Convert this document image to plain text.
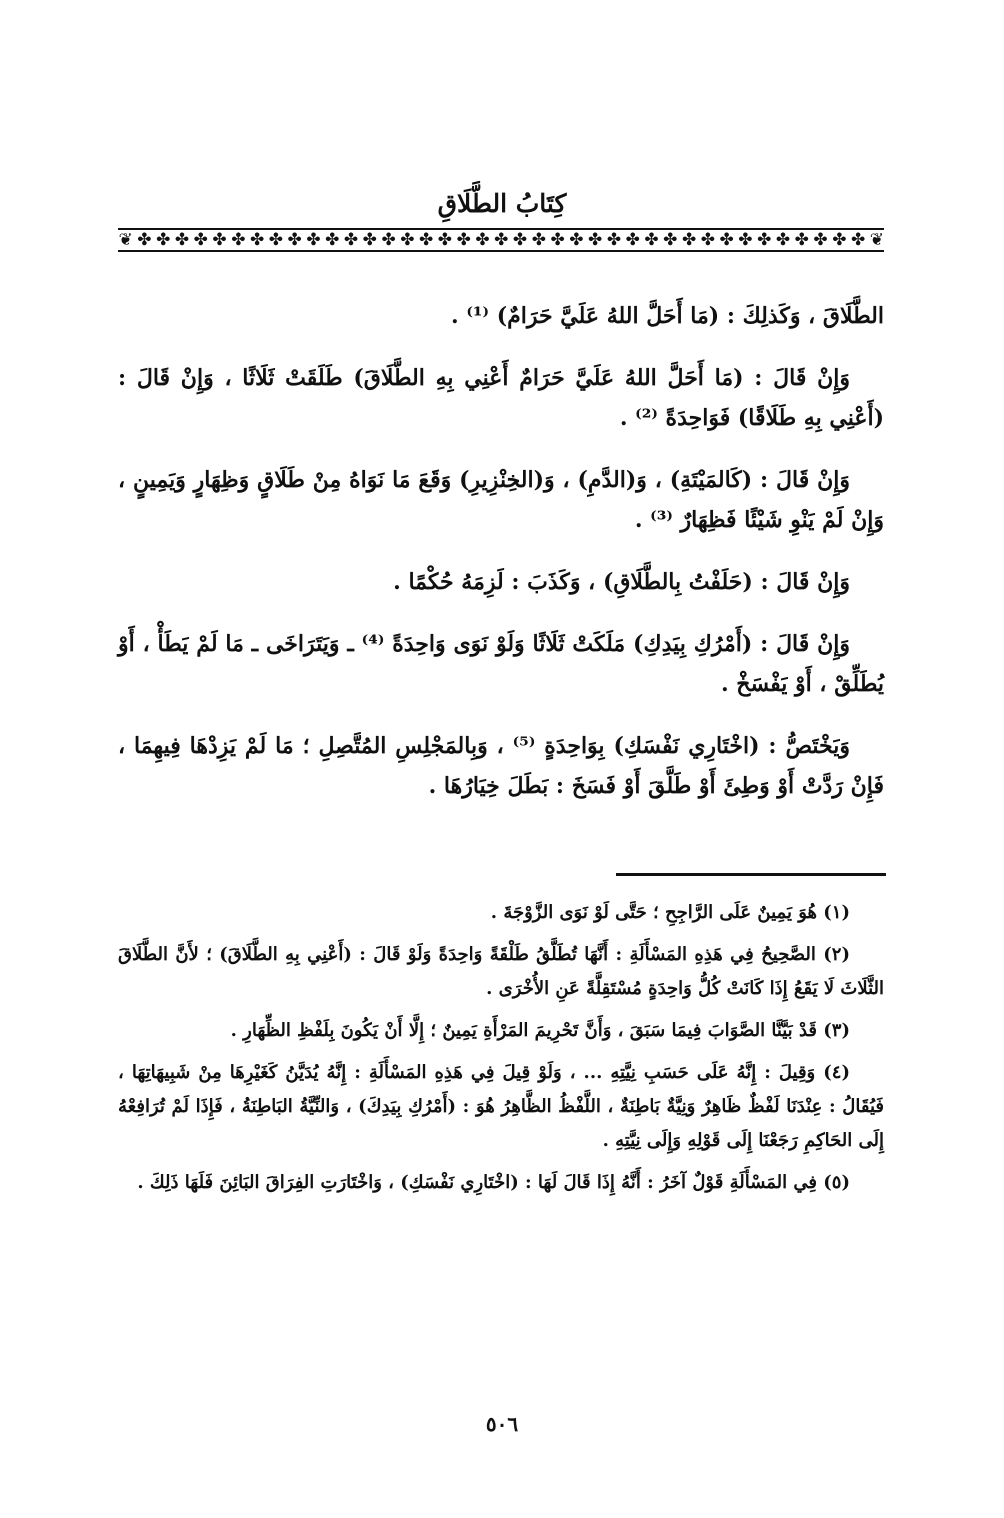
كِتَابُ الطَّلَاقِ
❦
✤
✤
✤
✤
✤
✤
✤
✤
✤
✤
✤
✤
✤
✤
✤
✤
✤
✤
✤
✤
✤
✤
✤
✤
✤
✤
✤
✤
✤
✤
✤
✤
✤
✤
✤
✤
✤
✤
✤
❦

الطَّلَاقَ ، وَكَذلِكَ : (مَا أَحَلَّ اللهُ عَلَيَّ حَرَامٌ) ⁽¹⁾ .

وَإِنْ قَالَ : (مَا أَحَلَّ اللهُ عَلَيَّ حَرَامٌ أَعْنِي بِهِ الطَّلَاقَ) طَلَقَتْ ثَلَاثًا ، وَإِنْ قَالَ : (أَعْنِي بِهِ طَلَاقًا) فَوَاحِدَةً ⁽²⁾ .

وَإِنْ قَالَ : (كَالمَيْتَةِ) ، وَ(الدَّمِ) ، وَ(الخِنْزِيرِ) وَقَعَ مَا نَوَاهُ مِنْ طَلَاقٍ وَظِهَارٍ وَيَمِينٍ ، وَإِنْ لَمْ يَنْوِ شَيْئًا فَظِهَارٌ ⁽³⁾ .

وَإِنْ قَالَ : (حَلَفْتُ بِالطَّلَاقِ) ، وَكَذَبَ : لَزِمَهُ حُكْمًا .

وَإِنْ قَالَ : (أَمْرُكِ بِيَدِكِ) مَلَكَتْ ثَلَاثًا وَلَوْ نَوَى وَاحِدَةً ⁽⁴⁾ ـ وَيَتَرَاخَى ـ مَا لَمْ يَطَأْ ، أَوْ يُطَلِّقْ ، أَوْ يَفْسَخْ .

وَيَخْتَصُّ : (اخْتَارِي نَفْسَكِ) بِوَاحِدَةٍ ⁽⁵⁾ ، وَبِالمَجْلِسِ المُتَّصِلِ ؛ مَا لَمْ يَزِدْهَا فِيهِمَا ، فَإِنْ رَدَّتْ أَوْ وَطِئَ أَوْ طَلَّقَ أَوْ فَسَخَ : بَطَلَ خِيَارُهَا .

(١) هُوَ يَمِينٌ عَلَى الرَّاجِحِ ؛ حَتَّى لَوْ نَوَى الزَّوْجَةَ .

(٢) الصَّحِيحُ فِي هَذِهِ المَسْأَلَةِ : أَنَّهَا تُطَلَّقُ طَلْقَةً وَاحِدَةً وَلَوْ قَالَ : (أَعْنِي بِهِ الطَّلَاقَ) ؛ لأَنَّ الطَّلَاقَ الثَّلَاثَ لَا يَقَعُ إِذَا كَانَتْ كُلُّ وَاحِدَةٍ مُسْتَقِلَّةً عَنِ الأُخْرَى .

(٣) قَدْ بَيَّنَّا الصَّوَابَ فِيمَا سَبَقَ ، وَأَنَّ تَحْرِيمَ المَرْأَةِ يَمِينٌ ؛ إِلَّا أَنْ يَكُونَ بِلَفْظِ الظِّهَارِ .

(٤) وَقِيلَ : إِنَّهُ عَلَى حَسَبِ نِيَّتِهِ ... ، وَلَوْ قِيلَ فِي هَذِهِ المَسْأَلَةِ : إِنَّهُ يُدَيَّنُ كَغَيْرِهَا مِنْ شَبِيهَاتِهَا ، فَيُقَالُ : عِنْدَنَا لَفْظٌ ظَاهِرٌ وَنِيَّةٌ بَاطِنَةٌ ، اللَّفْظُ الظَّاهِرُ هُوَ : (أَمْرُكِ بِيَدِكَ) ، وَالنِّيَّةُ البَاطِنَةُ ، فَإِذَا لَمْ تُرَافِعْهُ إِلَى الحَاكِمِ رَجَعْنَا إِلَى قَوْلِهِ وَإِلَى نِيَّتِهِ .

(٥) فِي المَسْأَلَةِ قَوْلٌ آخَرُ : أَنَّهُ إِذَا قَالَ لَهَا : (اخْتَارِي نَفْسَكِ) ، وَاخْتَارَتِ الفِرَاقَ البَائِنَ فَلَهَا ذَلِكَ .

٥٠٦
